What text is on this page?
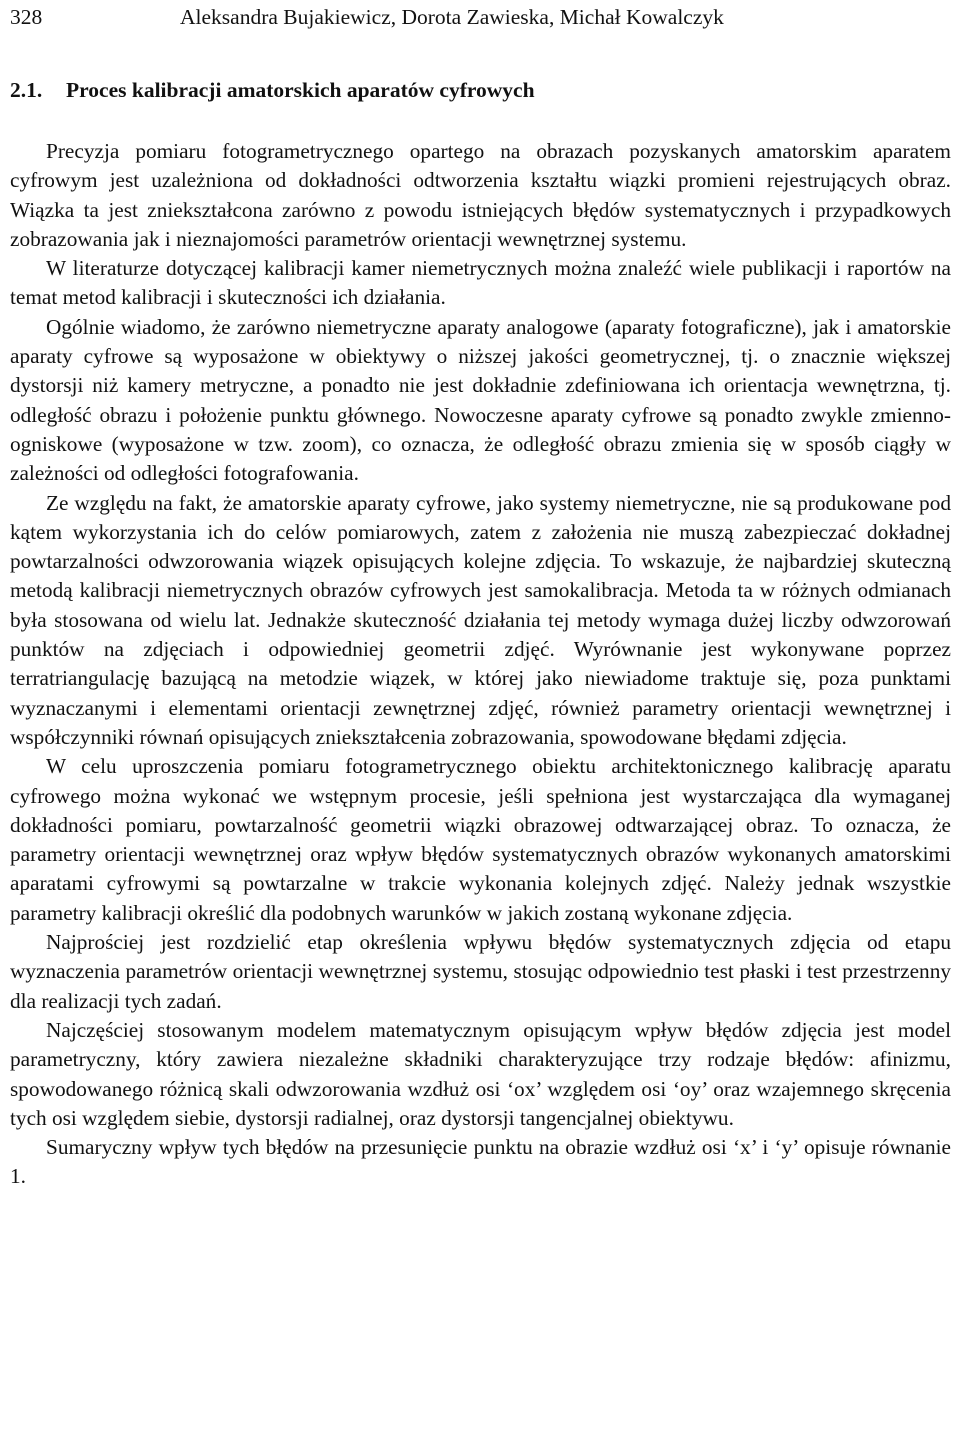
328	Aleksandra Bujakiewicz, Dorota Zawieska, Michał Kowalczyk
2.1. Proces kalibracji amatorskich aparatów cyfrowych

Precyzja pomiaru fotogrametrycznego opartego na obrazach pozyskanych amatorskim aparatem cyfrowym jest uzależniona od dokładności odtworzenia kształtu wiązki promieni rejestrujących obraz. Wiązka ta jest zniekształcona zarówno z powodu istniejących błędów systematycznych i przypadkowych zobrazowania jak i nieznajomości parametrów orientacji wewnętrznej systemu.

W literaturze dotyczącej kalibracji kamer niemetrycznych można znaleźć wiele publikacji i raportów na temat metod kalibracji i skuteczności ich działania.

Ogólnie wiadomo, że zarówno niemetryczne aparaty analogowe (aparaty fotograficzne), jak i amatorskie aparaty cyfrowe są wyposażone w obiektywy o niższej jakości geometrycznej, tj. o znacznie większej dystorsji niż kamery metryczne, a ponadto nie jest dokładnie zdefiniowana ich orientacja wewnętrzna, tj. odległość obrazu i położenie punktu głównego. Nowoczesne aparaty cyfrowe są ponadto zwykle zmienno-ogniskowe (wyposażone w tzw. zoom), co oznacza, że odległość obrazu zmienia się w sposób ciągły w zależności od odległości fotografowania.

Ze względu na fakt, że amatorskie aparaty cyfrowe, jako systemy niemetryczne, nie są produkowane pod kątem wykorzystania ich do celów pomiarowych, zatem z założenia nie muszą zabezpieczać dokładnej powtarzalności odwzorowania wiązek opisujących kolejne zdjęcia. To wskazuje, że najbardziej skuteczną metodą kalibracji niemetrycznych obrazów cyfrowych jest samokalibracja. Metoda ta w różnych odmianach była stosowana od wielu lat. Jednakże skuteczność działania tej metody wymaga dużej liczby odwzorowań punktów na zdjęciach i odpowiedniej geometrii zdjęć. Wyrównanie jest wykonywane poprzez terratriangulację bazującą na metodzie wiązek, w której jako niewiadome traktuje się, poza punktami wyznaczanymi i elementami orientacji zewnętrznej zdjęć, również parametry orientacji wewnętrznej i współczynniki równań opisujących zniekształcenia zobrazowania, spowodowane błędami zdjęcia.

W celu uproszczenia pomiaru fotogrametrycznego obiektu architektonicznego kalibrację aparatu cyfrowego można wykonać we wstępnym procesie, jeśli spełniona jest wystarczająca dla wymaganej dokładności pomiaru, powtarzalność geometrii wiązki obrazowej odtwarzającej obraz. To oznacza, że parametry orientacji wewnętrznej oraz wpływ błędów systematycznych obrazów wykonanych amatorskimi aparatami cyfrowymi są powtarzalne w trakcie wykonania kolejnych zdjęć. Należy jednak wszystkie parametry kalibracji określić dla podobnych warunków w jakich zostaną wykonane zdjęcia.

Najprościej jest rozdzielić etap określenia wpływu błędów systematycznych zdjęcia od etapu wyznaczenia parametrów orientacji wewnętrznej systemu, stosując odpowiednio test płaski i test przestrzenny dla realizacji tych zadań.

Najczęściej stosowanym modelem matematycznym opisującym wpływ błędów zdjęcia jest model parametryczny, który zawiera niezależne składniki charakteryzujące trzy rodzaje błędów: afinizmu, spowodowanego różnicą skali odwzorowania wzdłuż osi ‘ox’ względem osi ‘oy’ oraz wzajemnego skręcenia tych osi względem siebie, dystorsji radialnej, oraz dystorsji tangencjalnej obiektywu.

Sumaryczny wpływ tych błędów na przesunięcie punktu na obrazie wzdłuż osi ‘x’ i ‘y’ opisuje równanie 1.
